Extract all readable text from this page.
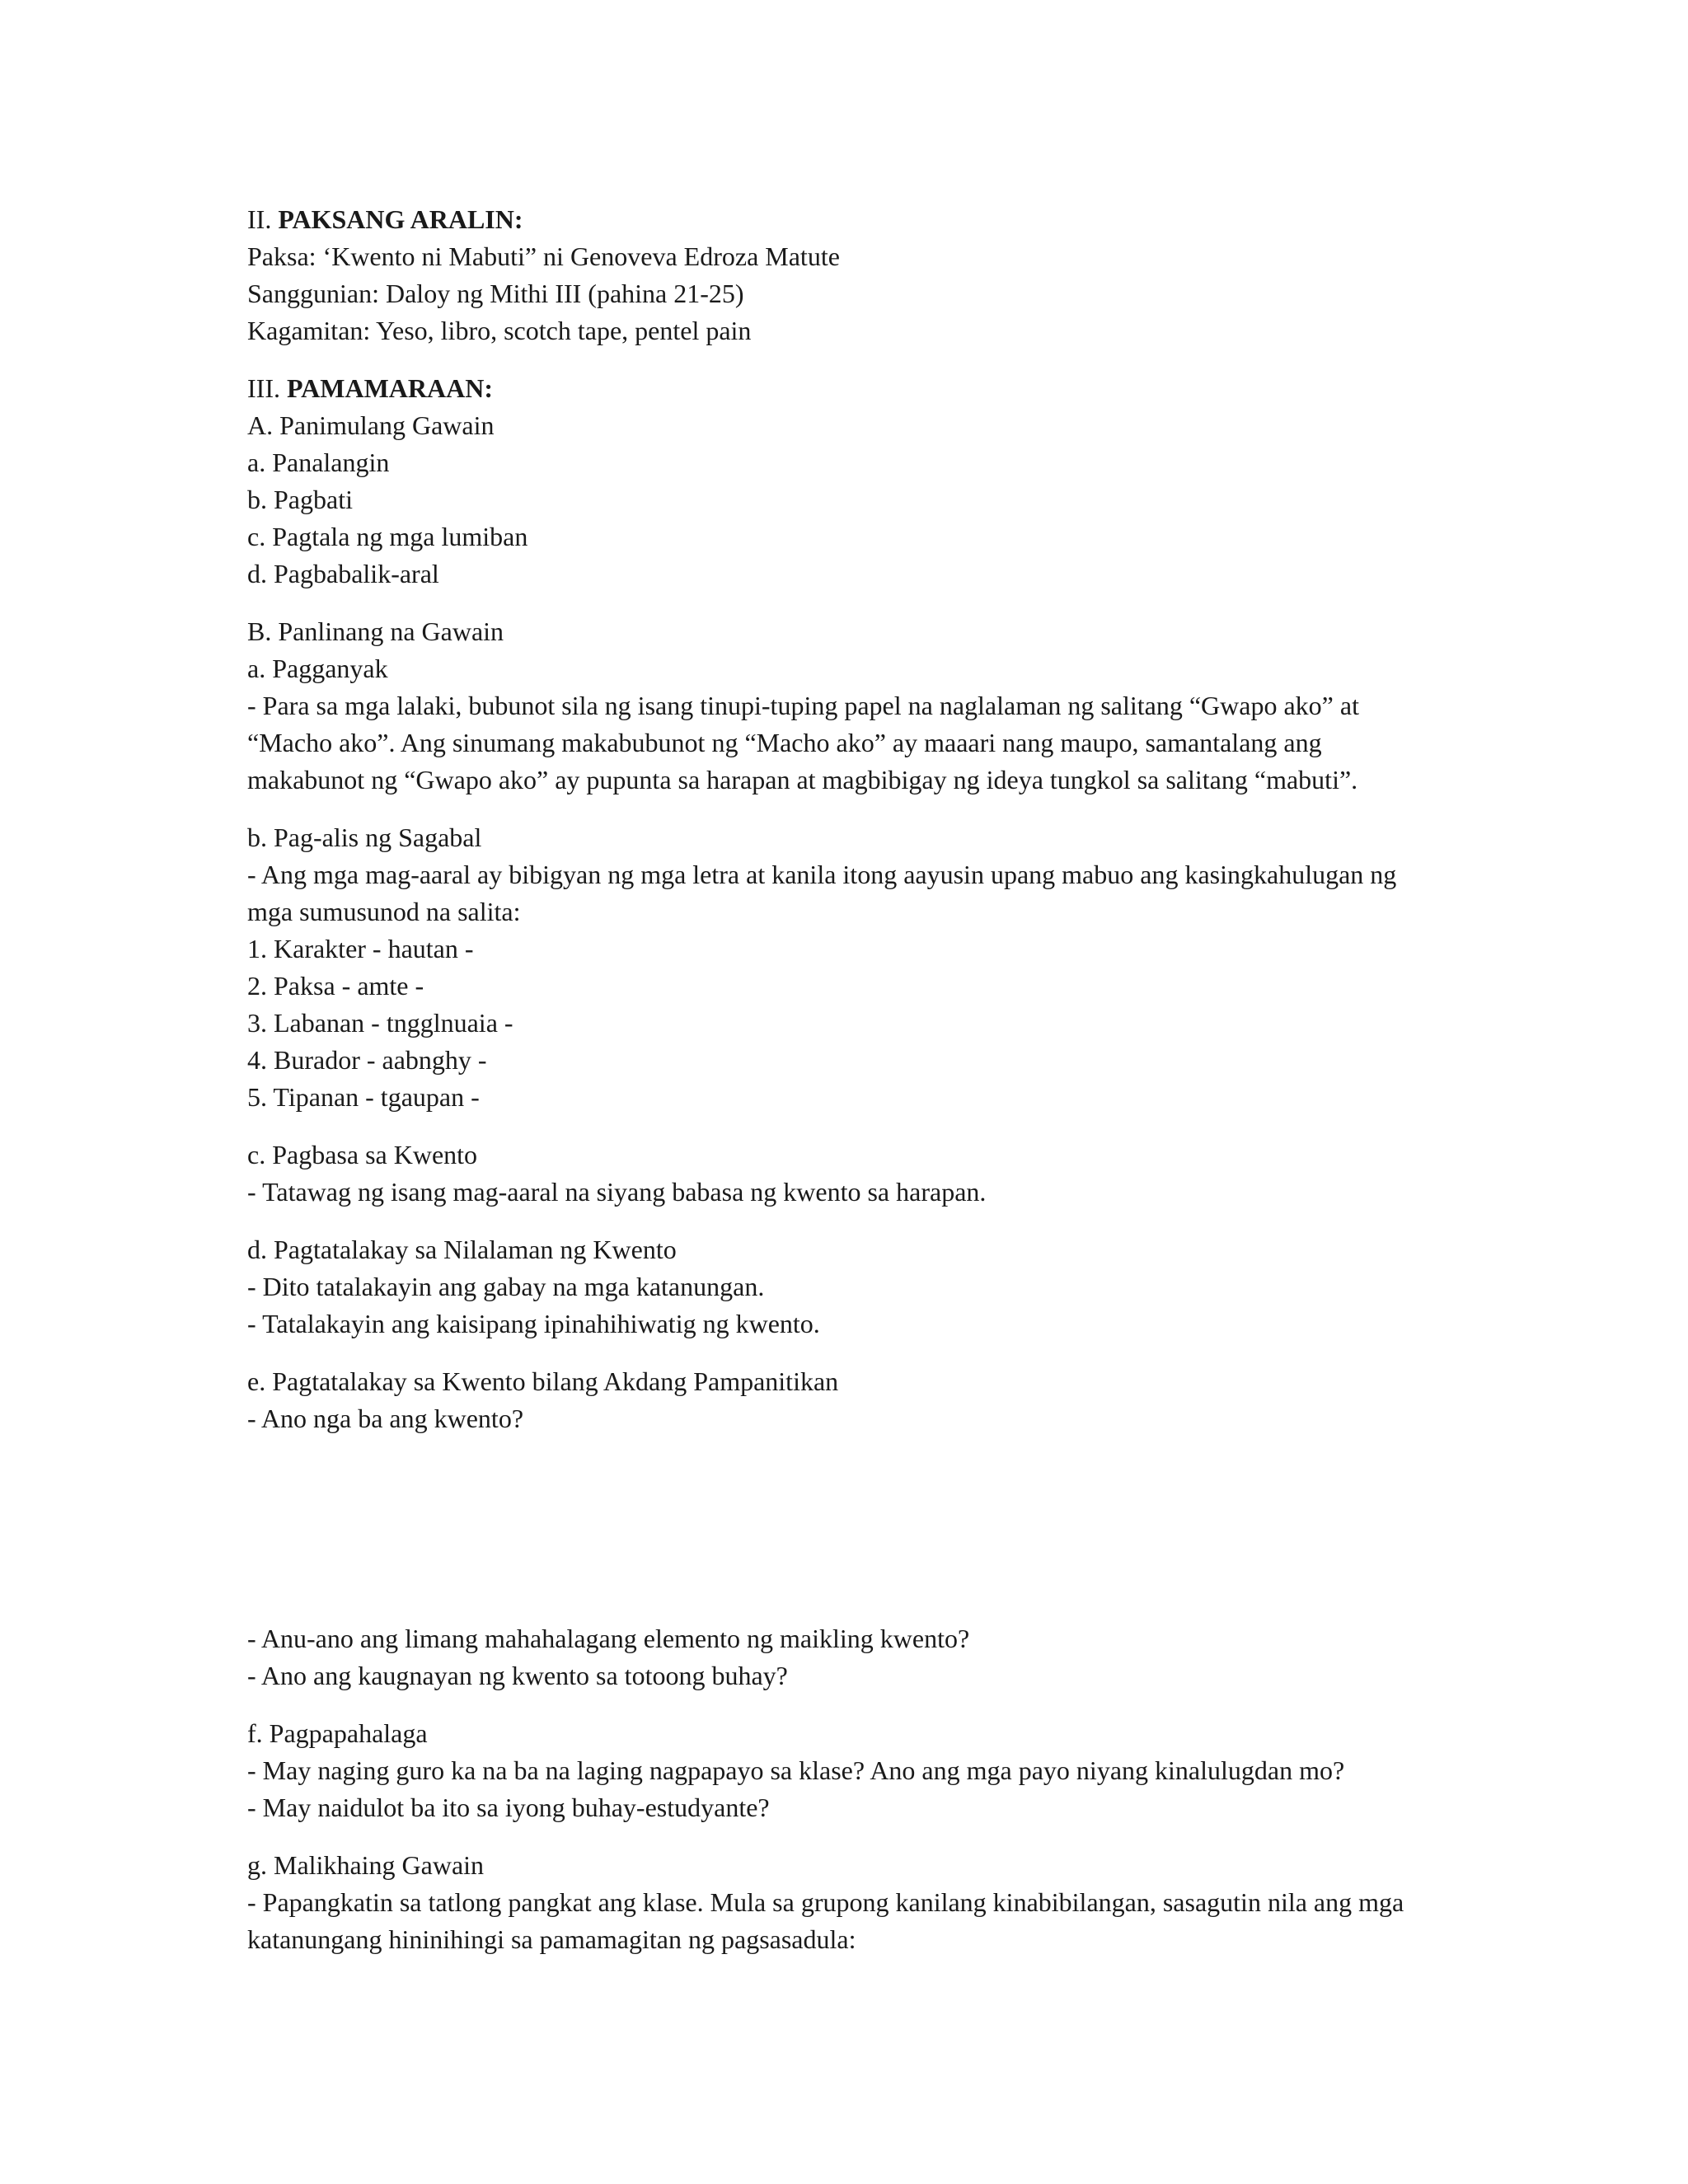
II. PAKSANG ARALIN:
Paksa: ‘Kwento ni Mabuti” ni Genoveva Edroza Matute
Sanggunian: Daloy ng Mithi III (pahina 21-25)
Kagamitan: Yeso, libro, scotch tape, pentel pain
III. PAMAMARAAN:
A. Panimulang Gawain
a. Panalangin
b. Pagbati
c. Pagtala ng mga lumiban
d. Pagbabalik-aral
B. Panlinang na Gawain
a. Pagganyak
- Para sa mga lalaki, bubunot sila ng isang tinupi-tuping papel na naglalaman ng salitang “Gwapo ako” at “Macho ako”. Ang sinumang makabubunot ng “Macho ako” ay maaari nang maupo, samantalang ang makabunot ng “Gwapo ako” ay pupunta sa harapan at magbibigay ng ideya tungkol sa salitang “mabuti”.
b. Pag-alis ng Sagabal
- Ang mga mag-aaral ay bibigyan ng mga letra at kanila itong aayusin upang mabuo ang kasingkahulugan ng mga sumusunod na salita:
1. Karakter - hautan -
2. Paksa - amte -
3. Labanan - tngglnuaia -
4. Burador - aabnghy -
5. Tipanan - tgaupan -
c. Pagbasa sa Kwento
- Tatawag ng isang mag-aaral na siyang babasa ng kwento sa harapan.
d. Pagtatalakay sa Nilalaman ng Kwento
- Dito tatalakayin ang gabay na mga katanungan.
- Tatalakayin ang kaisipang ipinahihiwatig ng kwento.
e. Pagtatalakay sa Kwento bilang Akdang Pampanitikan
- Ano nga ba ang kwento?
- Anu-ano ang limang mahahalagang elemento ng maikling kwento?
- Ano ang kaugnayan ng kwento sa totoong buhay?
f. Pagpapahalaga
- May naging guro ka na ba na laging nagpapayo sa klase? Ano ang mga payo niyang kinalulugdan mo?
- May naidulot ba ito sa iyong buhay-estudyante?
g. Malikhaing Gawain
- Papangkatin sa tatlong pangkat ang klase. Mula sa grupong kanilang kinabibilangan, sasagutin nila ang mga katanungang hininihingi sa pamamagitan ng pagsasadula:
